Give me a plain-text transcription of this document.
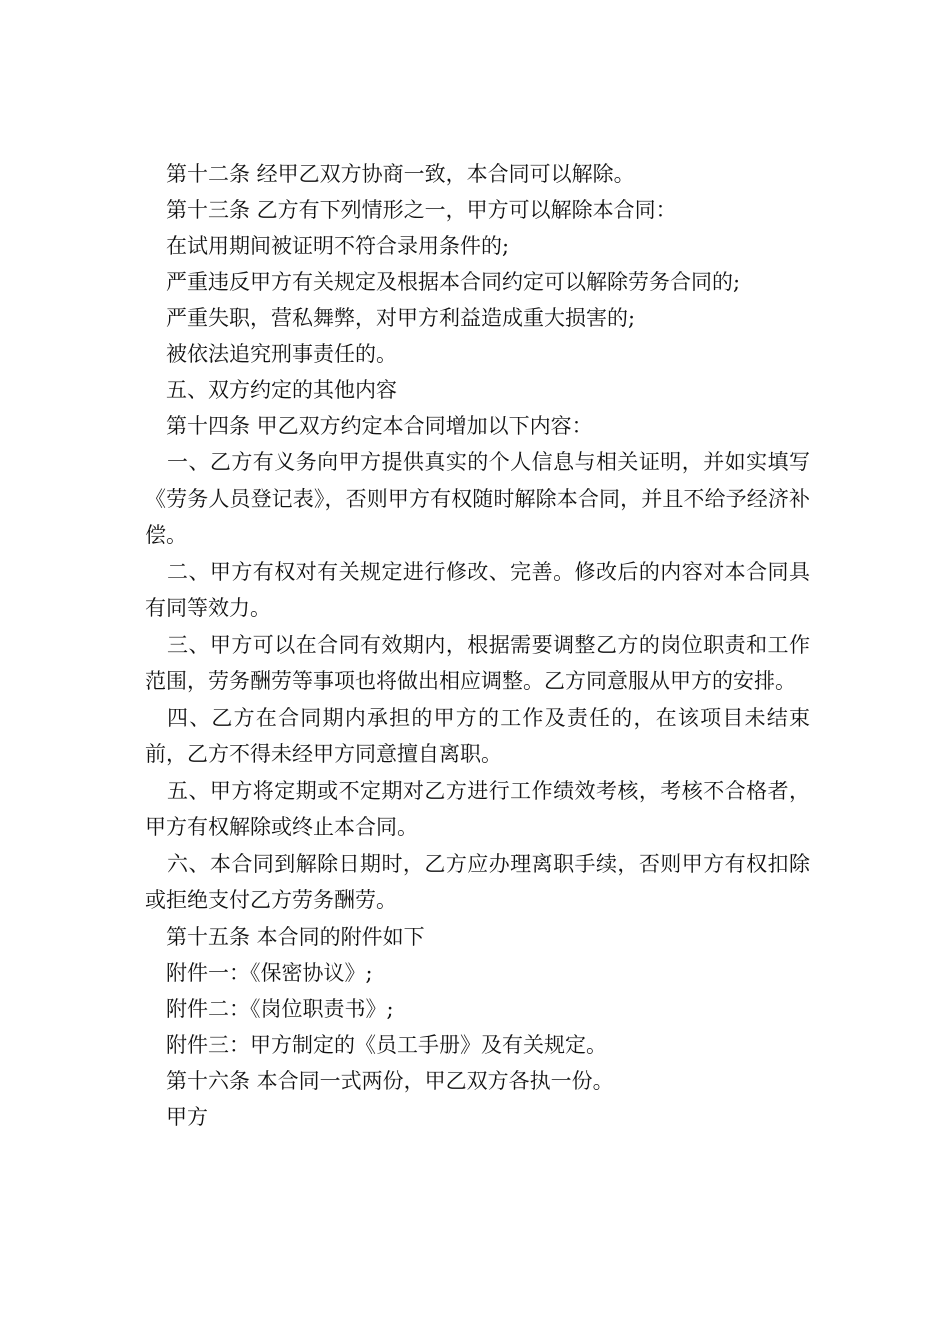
第十二条 经甲乙双方协商一致，本合同可以解除。

第十三条 乙方有下列情形之一，甲方可以解除本合同：

在试用期间被证明不符合录用条件的;

严重违反甲方有关规定及根据本合同约定可以解除劳务合同的;

严重失职，营私舞弊，对甲方利益造成重大损害的;

被依法追究刑事责任的。

五、双方约定的其他内容

第十四条 甲乙双方约定本合同增加以下内容：

一、乙方有义务向甲方提供真实的个人信息与相关证明，并如实填写《劳务人员登记表》，否则甲方有权随时解除本合同，并且不给予经济补偿。

二、甲方有权对有关规定进行修改、完善。修改后的内容对本合同具有同等效力。

三、甲方可以在合同有效期内，根据需要调整乙方的岗位职责和工作范围，劳务酬劳等事项也将做出相应调整。乙方同意服从甲方的安排。

四、乙方在合同期内承担的甲方的工作及责任的，在该项目未结束前，乙方不得未经甲方同意擅自离职。

五、甲方将定期或不定期对乙方进行工作绩效考核，考核不合格者，甲方有权解除或终止本合同。

六、本合同到解除日期时，乙方应办理离职手续，否则甲方有权扣除或拒绝支付乙方劳务酬劳。

第十五条 本合同的附件如下

附件一：《保密协议》;

附件二：《岗位职责书》;

附件三：甲方制定的《员工手册》及有关规定。

第十六条 本合同一式两份，甲乙双方各执一份。

甲方
